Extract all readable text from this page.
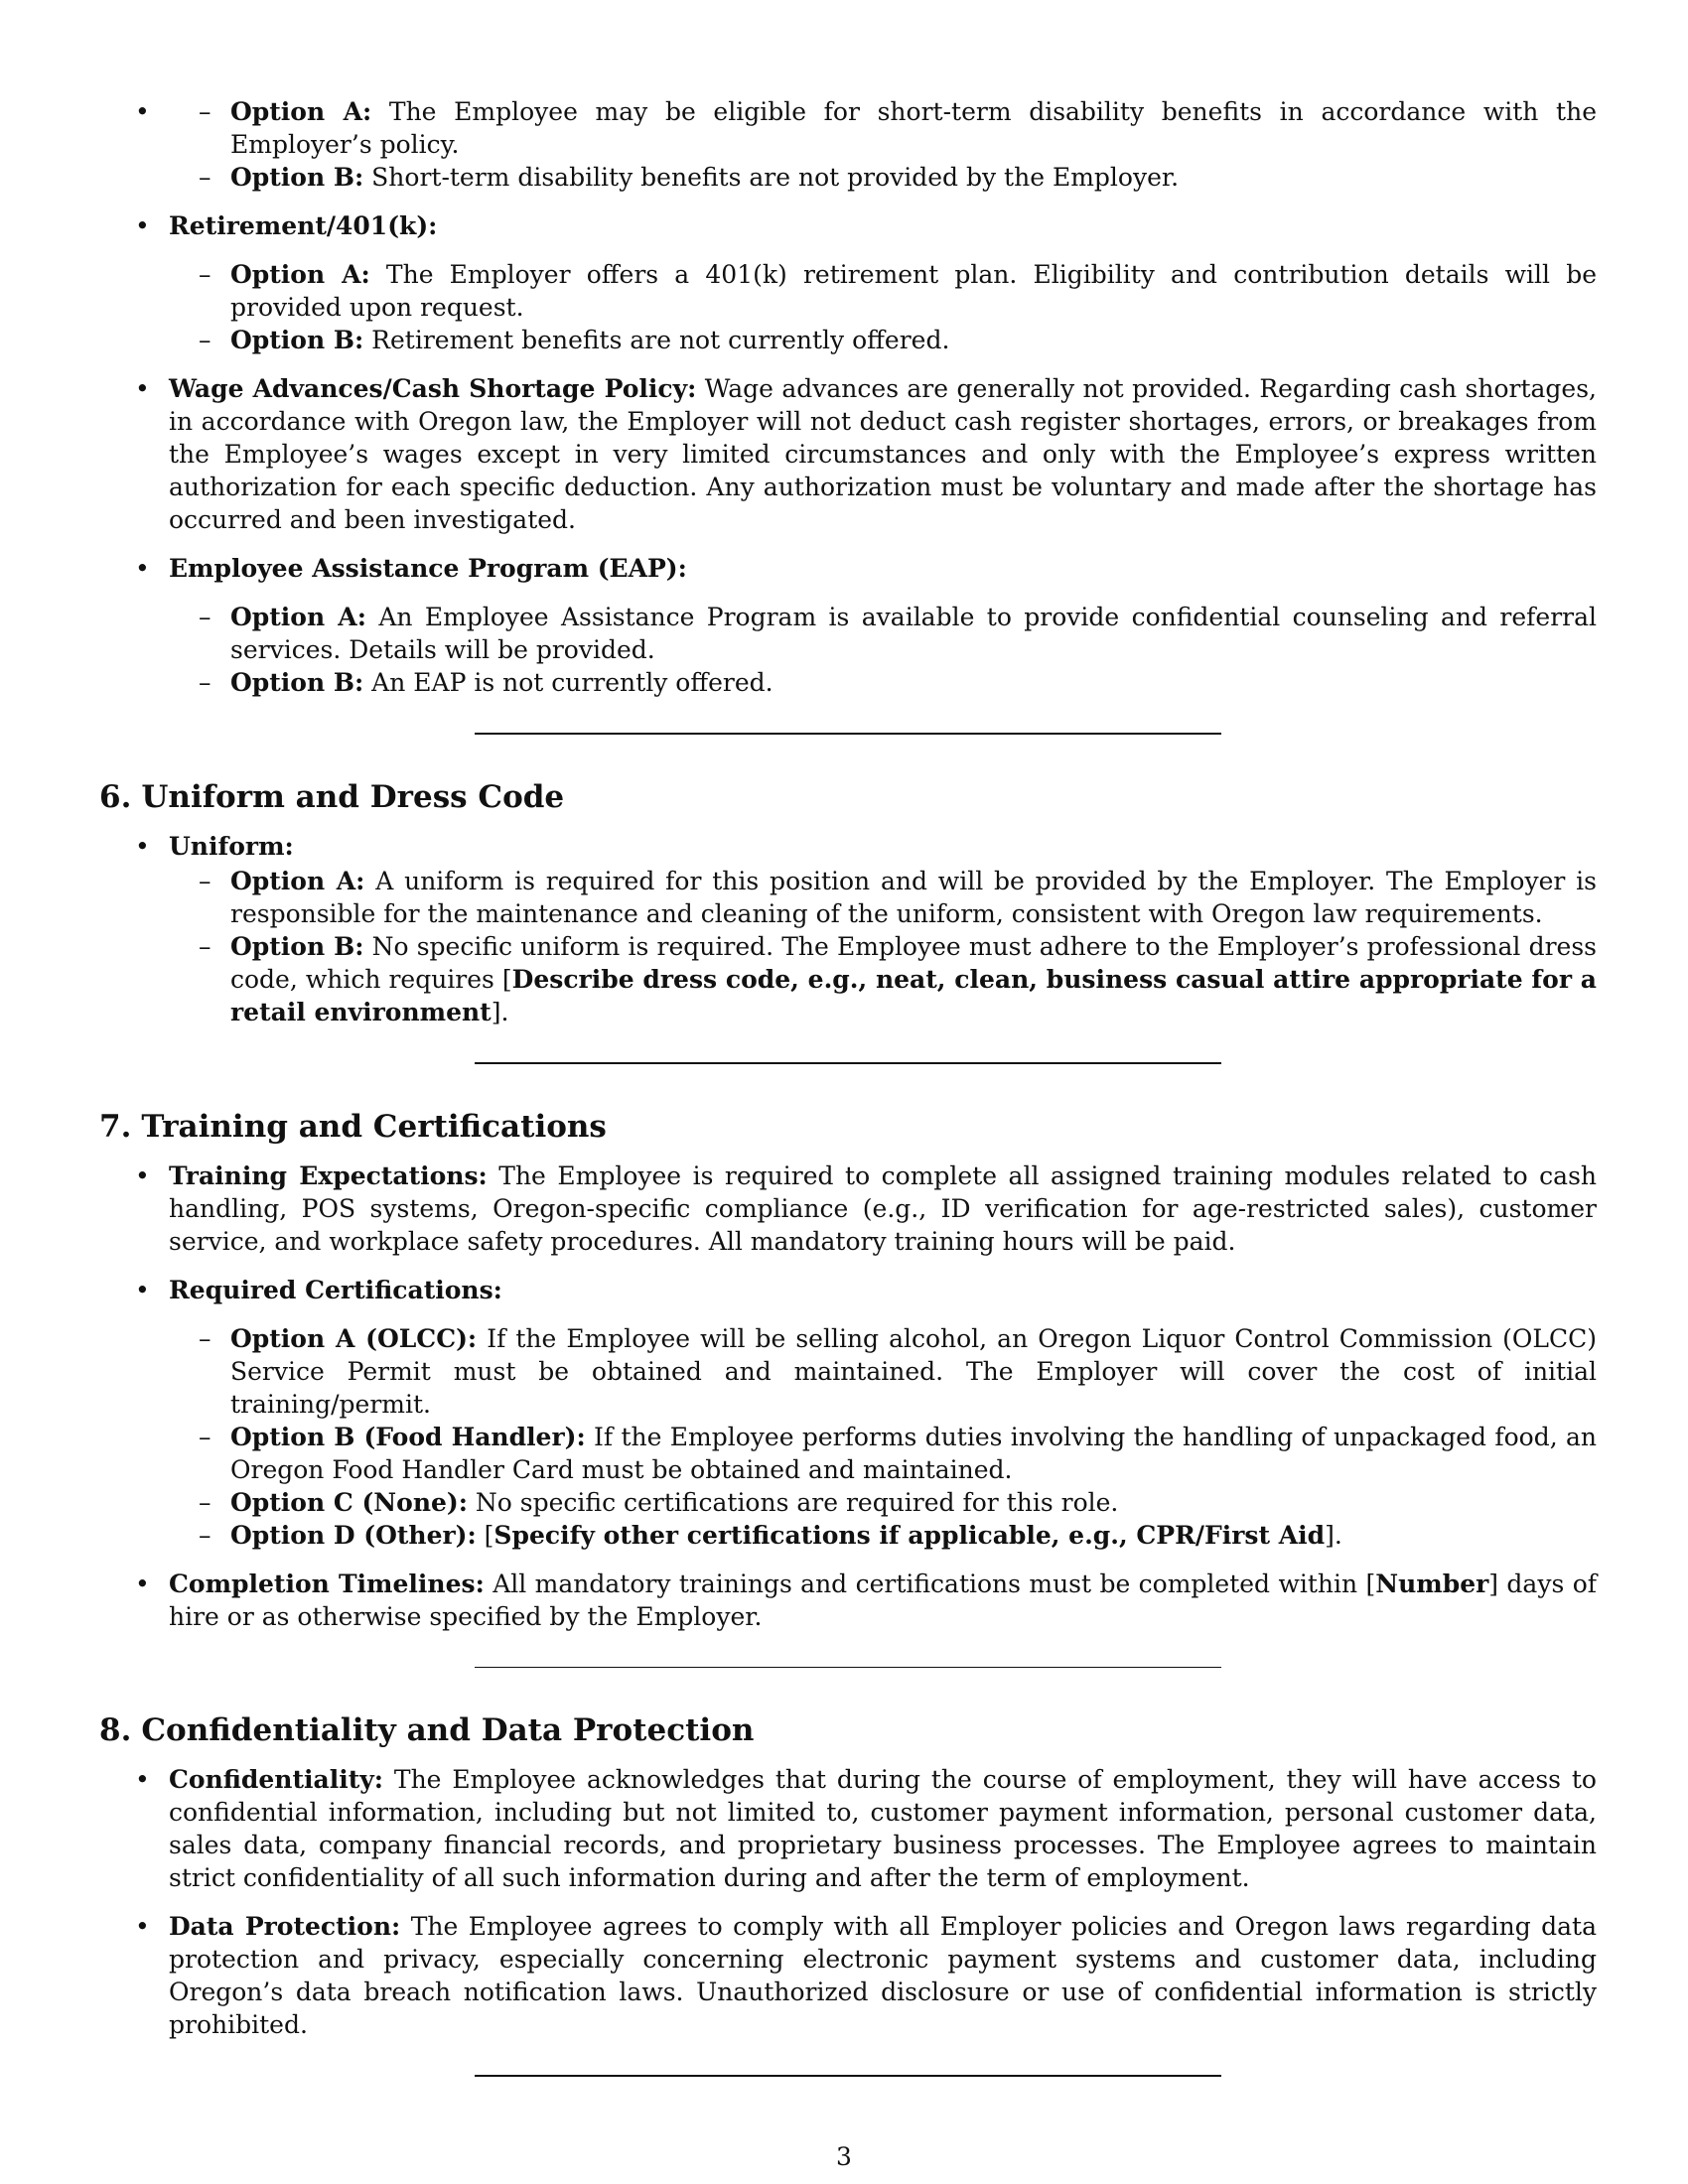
– • Option A: The Employee may be eligible for short-term disability benefits in accordance with the Employer’s policy.
– Option B: Short-term disability benefits are not provided by the Employer.
• Retirement/401(k):
– Option A: The Employer offers a 401(k) retirement plan. Eligibility and contribution details will be provided upon request.
– Option B: Retirement benefits are not currently offered.
• Wage Advances/Cash Shortage Policy: Wage advances are generally not provided. Regarding cash shortages, in accordance with Oregon law, the Employer will not deduct cash register shortages, errors, or breakages from the Employee’s wages except in very limited circumstances and only with the Employee’s express written authorization for each specific deduction. Any authorization must be voluntary and made after the shortage has occurred and been investigated.
• Employee Assistance Program (EAP):
– Option A: An Employee Assistance Program is available to provide confidential counseling and referral services. Details will be provided.
– Option B: An EAP is not currently offered.
6. Uniform and Dress Code
• Uniform:
– Option A: A uniform is required for this position and will be provided by the Employer. The Employer is responsible for the maintenance and cleaning of the uniform, consistent with Oregon law requirements.
– Option B: No specific uniform is required. The Employee must adhere to the Employer’s professional dress code, which requires [Describe dress code, e.g., neat, clean, business casual attire appropriate for a retail environment].
7. Training and Certifications
• Training Expectations: The Employee is required to complete all assigned training modules related to cash handling, POS systems, Oregon-specific compliance (e.g., ID verification for age-restricted sales), customer service, and workplace safety procedures. All mandatory training hours will be paid.
• Required Certifications:
– Option A (OLCC): If the Employee will be selling alcohol, an Oregon Liquor Control Commission (OLCC) Service Permit must be obtained and maintained. The Employer will cover the cost of initial training/permit.
– Option B (Food Handler): If the Employee performs duties involving the handling of unpackaged food, an Oregon Food Handler Card must be obtained and maintained.
– Option C (None): No specific certifications are required for this role.
– Option D (Other): [Specify other certifications if applicable, e.g., CPR/First Aid].
• Completion Timelines: All mandatory trainings and certifications must be completed within [Number] days of hire or as otherwise specified by the Employer.
8. Confidentiality and Data Protection
• Confidentiality: The Employee acknowledges that during the course of employment, they will have access to confidential information, including but not limited to, customer payment information, personal customer data, sales data, company financial records, and proprietary business processes. The Employee agrees to maintain strict confidentiality of all such information during and after the term of employment.
• Data Protection: The Employee agrees to comply with all Employer policies and Oregon laws regarding data protection and privacy, especially concerning electronic payment systems and customer data, including Oregon’s data breach notification laws. Unauthorized disclosure or use of confidential information is strictly prohibited.
3
